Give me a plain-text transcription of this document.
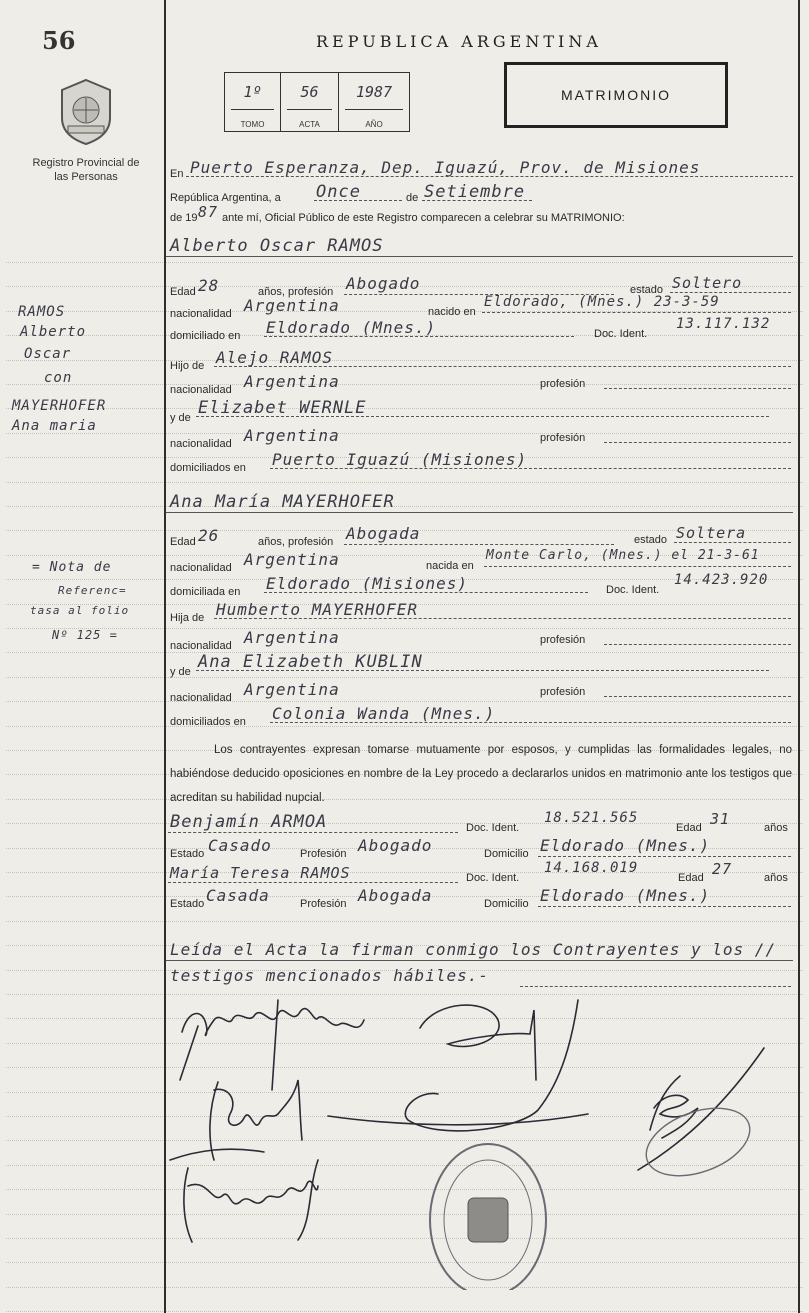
56
Registro Provincial de las Personas
REPUBLICA ARGENTINA
1º
TOMO
56
ACTA
1987
AÑO
MATRIMONIO
En Puerto Esperanza, Dep. Iguazú, Prov. de Misiones
República Argentina, a Once	de Setiembre
de 19 87 ante mí, Oficial Público de este Registro comparecen a celebrar su MATRIMONIO:
Alberto Oscar RAMOS
Edad 28	años, profesión Abogado	estado Soltero
nacionalidad Argentina	nacido en
Eldorado, (Mnes.) 23-3-59
domiciliado en Eldorado (Mnes.)	Doc. Ident.
13.117.132
Hijo de Alejo RAMOS
nacionalidad Argentina	profesión
y de Elizabet WERNLE
nacionalidad Argentina	profesión
domiciliados en Puerto Iguazú (Misiones)
Ana María MAYERHOFER
Edad 26	años, profesión Abogada	estado Soltera
nacionalidad Argentina	nacida en
Monte Carlo, (Mnes.) el 21-3-61
domiciliada en Eldorado (Misiones)	Doc. Ident.
14.423.920
Hija de Humberto MAYERHOFER
nacionalidad Argentina	profesión
y de Ana Elizabeth KUBLIN
nacionalidad Argentina	profesión
domiciliados en Colonia Wanda (Mnes.)
Los contrayentes expresan tomarse mutuamente por esposos, y cumplidas las formalidades legales, no habiéndose deducido oposiciones en nombre de la Ley procedo a declararlos unidos en matrimonio ante los testigos que acreditan su habilidad nupcial.
Benjamín ARMOA	Doc. Ident.
18.521.565
Edad 31	años
Estado Casado	Profesión Abogado	Domicilio Eldorado (Mnes.)
María Teresa RAMOS	Doc. Ident.
14.168.019
Edad 27	años
Estado Casada	Profesión Abogada	Domicilio Eldorado (Mnes.)
Leída el Acta la firman conmigo los Contrayentes y los //
testigos mencionados hábiles.-
RAMOS
Alberto
Oscar
con
MAYERHOFER
Ana maria
= Nota de
Referenc=
tasa al folio
Nº 125 =
